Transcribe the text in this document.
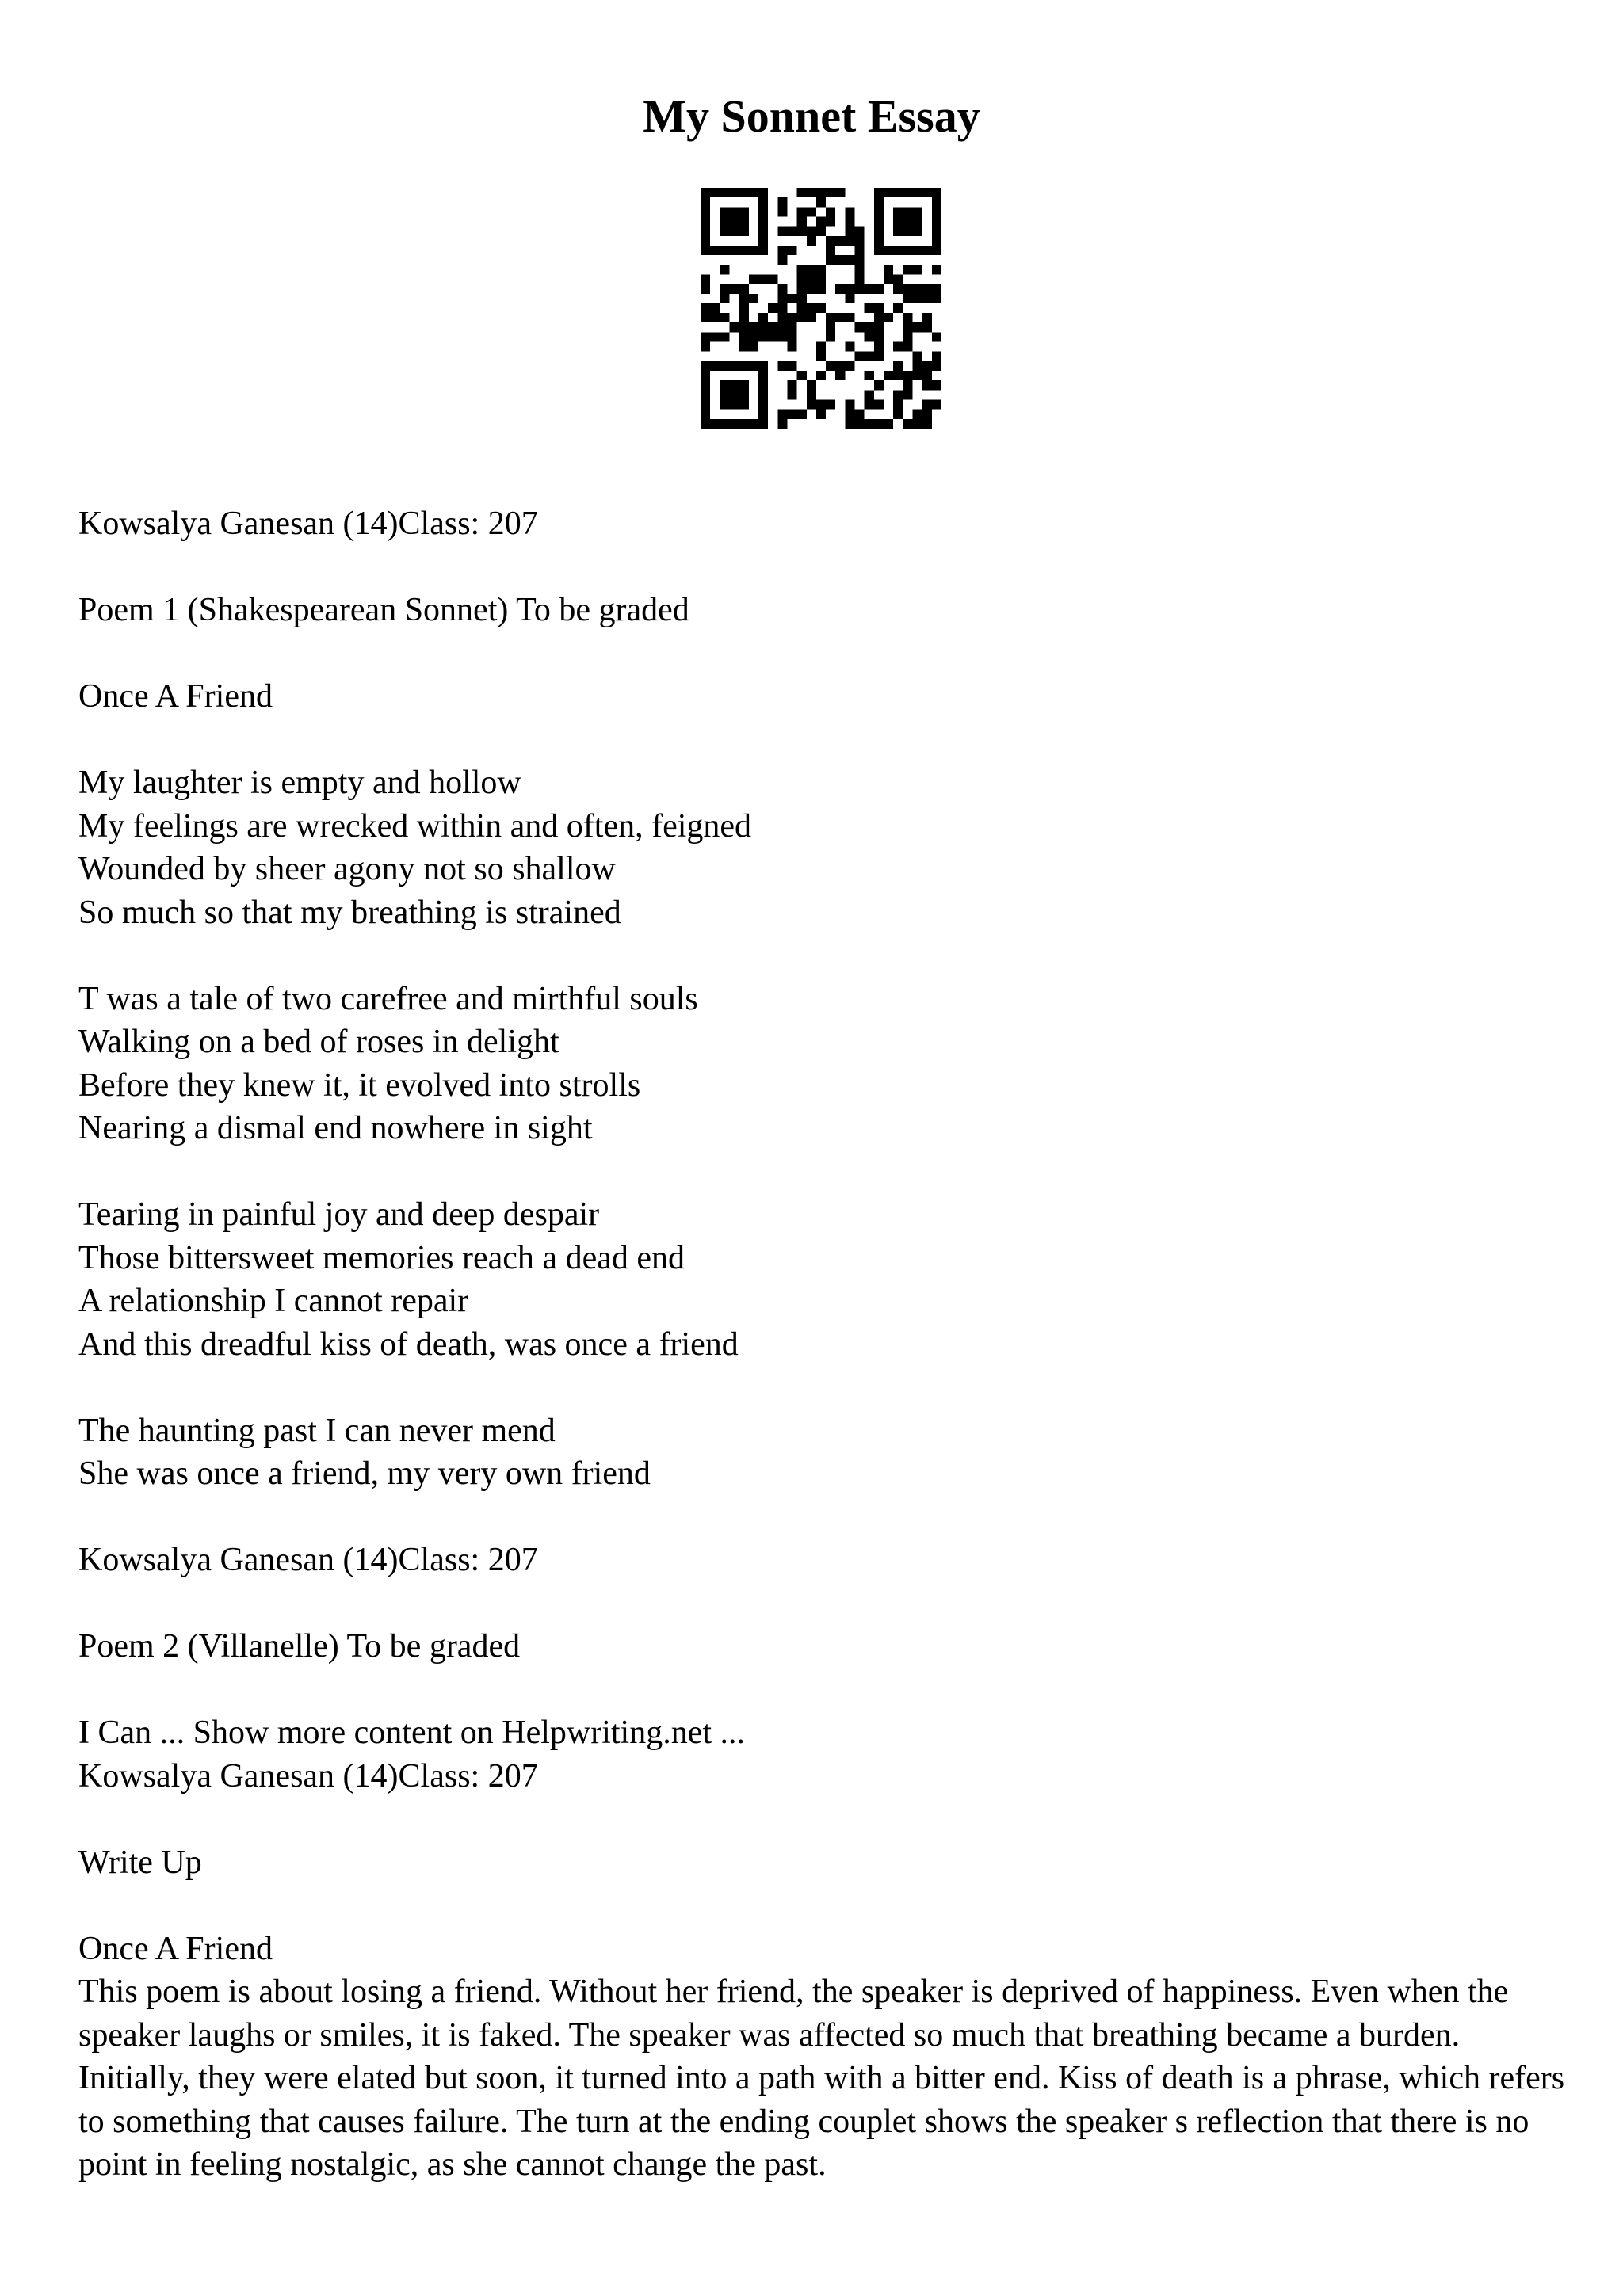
My Sonnet Essay
Kowsalya Ganesan (14)Class: 207
Poem 1 (Shakespearean Sonnet) To be graded
Once A Friend
My laughter is empty and hollow
My feelings are wrecked within and often, feigned
Wounded by sheer agony not so shallow
So much so that my breathing is strained
T was a tale of two carefree and mirthful souls
Walking on a bed of roses in delight
Before they knew it, it evolved into strolls
Nearing a dismal end nowhere in sight
Tearing in painful joy and deep despair
Those bittersweet memories reach a dead end
A relationship I cannot repair
And this dreadful kiss of death, was once a friend
The haunting past I can never mend
She was once a friend, my very own friend
Kowsalya Ganesan (14)Class: 207
Poem 2 (Villanelle) To be graded
I Can ... Show more content on Helpwriting.net ...
Kowsalya Ganesan (14)Class: 207
Write Up
Once A Friend
This poem is about losing a friend. Without her friend, the speaker is deprived of happiness. Even when the speaker laughs or smiles, it is faked. The speaker was affected so much that breathing became a burden. Initially, they were elated but soon, it turned into a path with a bitter end. Kiss of death is a phrase, which refers to something that causes failure. The turn at the ending couplet shows the speaker s reflection that there is no point in feeling nostalgic, as she cannot change the past.
